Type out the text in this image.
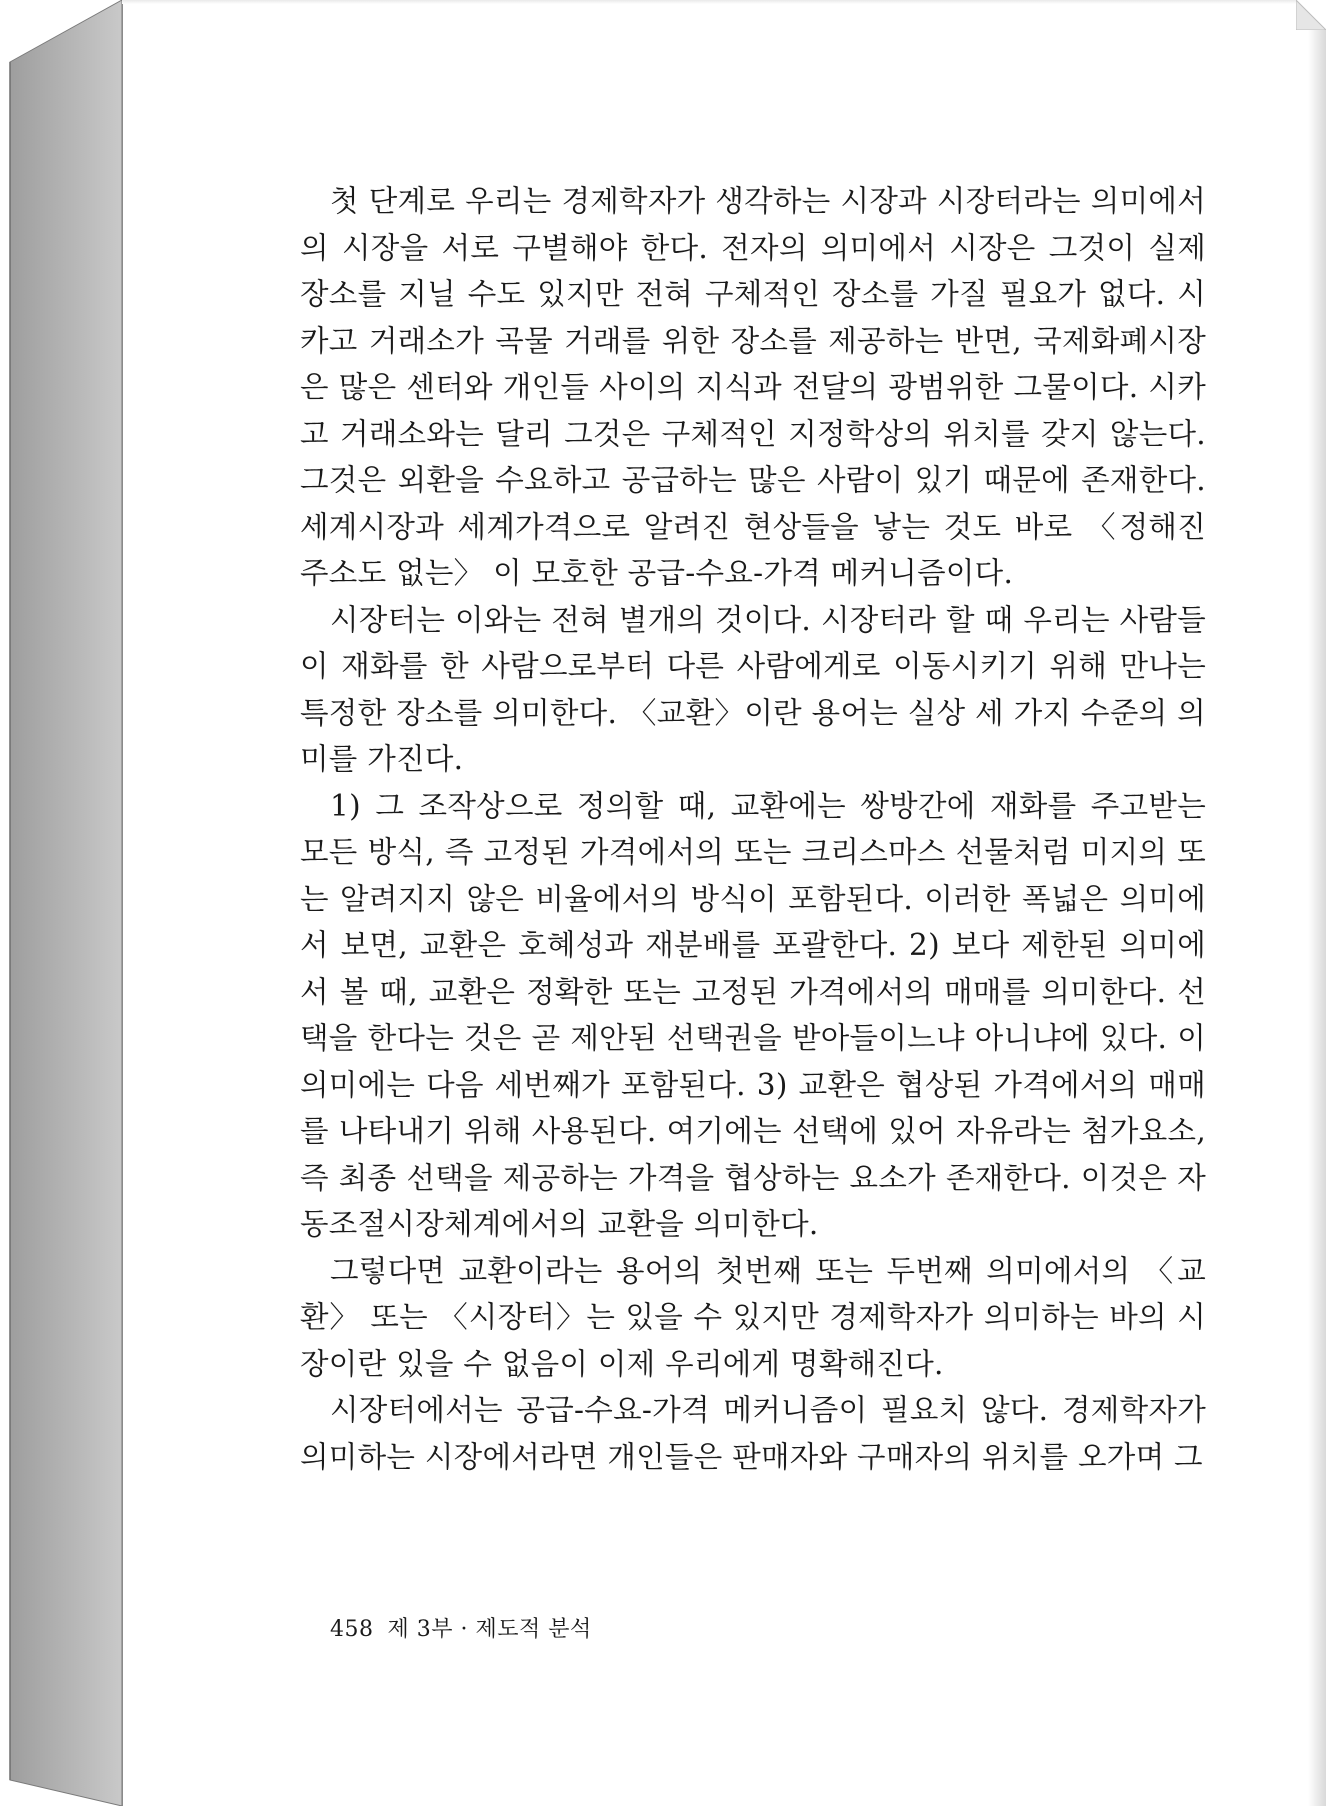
첫 단계로 우리는 경제학자가 생각하는 시장과 시장터라는 의미에서의 시장을 서로 구별해야 한다. 전자의 의미에서 시장은 그것이 실제 장소를 지닐 수도 있지만 전혀 구체적인 장소를 가질 필요가 없다. 시카고 거래소가 곡물 거래를 위한 장소를 제공하는 반면, 국제화폐시장은 많은 센터와 개인들 사이의 지식과 전달의 광범위한 그물이다. 시카고 거래소와는 달리 그것은 구체적인 지정학상의 위치를 갖지 않는다. 그것은 외환을 수요하고 공급하는 많은 사람이 있기 때문에 존재한다. 세계시장과 세계가격으로 알려진 현상들을 낳는 것도 바로 〈정해진 주소도 없는〉 이 모호한 공급-수요-가격 메커니즘이다.

시장터는 이와는 전혀 별개의 것이다. 시장터라 할 때 우리는 사람들이 재화를 한 사람으로부터 다른 사람에게로 이동시키기 위해 만나는 특정한 장소를 의미한다. 〈교환〉이란 용어는 실상 세 가지 수준의 의미를 가진다.

1) 그 조작상으로 정의할 때, 교환에는 쌍방간에 재화를 주고받는 모든 방식, 즉 고정된 가격에서의 또는 크리스마스 선물처럼 미지의 또는 알려지지 않은 비율에서의 방식이 포함된다. 이러한 폭넓은 의미에서 보면, 교환은 호혜성과 재분배를 포괄한다. 2) 보다 제한된 의미에서 볼 때, 교환은 정확한 또는 고정된 가격에서의 매매를 의미한다. 선택을 한다는 것은 곧 제안된 선택권을 받아들이느냐 아니냐에 있다. 이 의미에는 다음 세번째가 포함된다. 3) 교환은 협상된 가격에서의 매매를 나타내기 위해 사용된다. 여기에는 선택에 있어 자유라는 첨가요소, 즉 최종 선택을 제공하는 가격을 협상하는 요소가 존재한다. 이것은 자동조절시장체계에서의 교환을 의미한다.

그렇다면 교환이라는 용어의 첫번째 또는 두번째 의미에서의 〈교환〉 또는 〈시장터〉는 있을 수 있지만 경제학자가 의미하는 바의 시장이란 있을 수 없음이 이제 우리에게 명확해진다.

시장터에서는 공급-수요-가격 메커니즘이 필요치 않다. 경제학자가 의미하는 시장에서라면 개인들은 판매자와 구매자의 위치를 오가며 그

458 제 3부 · 제도적 분석
